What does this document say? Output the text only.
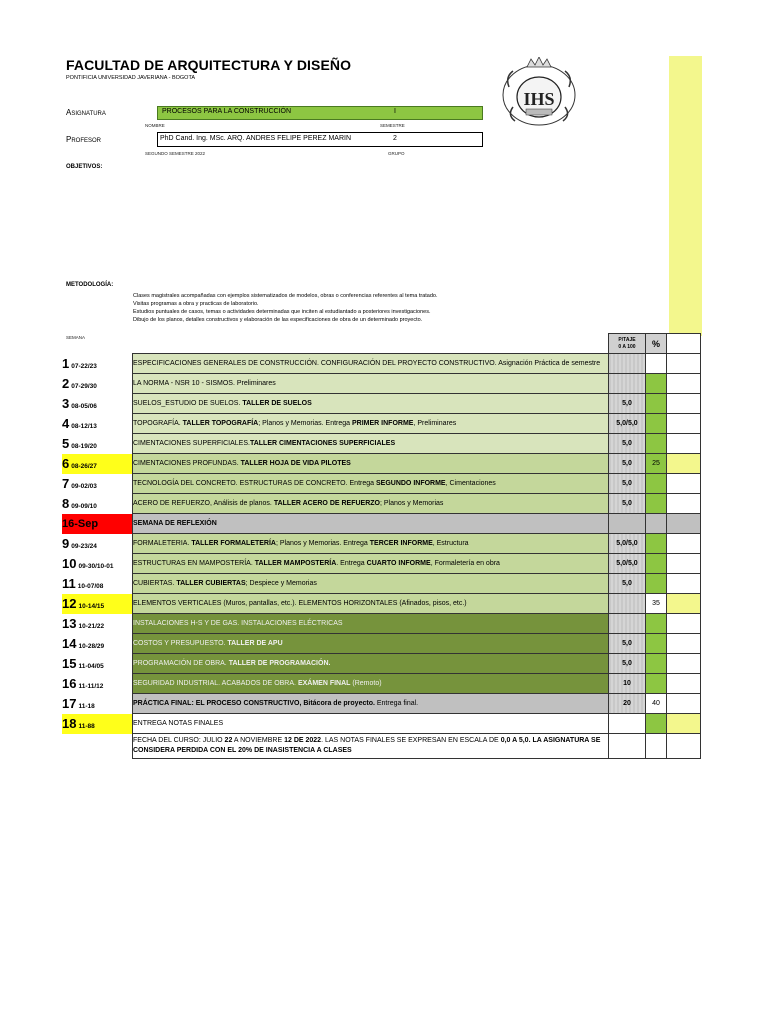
FACULTAD DE ARQUITECTURA Y DISEÑO
PONTIFICIA UNIVERSIDAD JAVERIANA - BOGOTA
IHS
Asignatura	PROCESOS PARA LA CONSTRUCCIÓN	I
NOMBRE	SEMESTRE
Profesor	PhD Cand. Ing. MSc. ARQ. ANDRES FELIPE PEREZ MARIN	2
SEGUNDO SEMESTRE 2022	GRUPO
OBJETIVOS:
METODOLOGÍA:
Clases magistrales acompañadas con ejemplos sistematizados de modelos, obras o conferencias referentes al tema tratado.
Visitas programas a obra y practicas de laboratorio.
Estudios puntuales de casos, temas o actividades determinadas que inciten al estudiantado a posteriores investigaciones.
Dibujo de los planos, detalles constructivos y elaboración de las especificaciones de obra de un determinado proyecto.
SEMANA

		P/TAJE
0 A 100	%	
1 07-22/23	ESPECIFICACIONES GENERALES DE CONSTRUCCIÓN. CONFIGURACIÓN DEL PROYECTO CONSTRUCTIVO. Asignación Práctica de semestre			
2 07-29/30	LA NORMA - NSR 10 - SISMOS. Preliminares			
3 08-05/06	SUELOS_ESTUDIO DE SUELOS. TALLER DE SUELOS	5,0		
4 08-12/13	TOPOGRAFÍA. TALLER TOPOGRAFÍA; Planos y Memorias. Entrega PRIMER INFORME, Preliminares	5,0/5,0		
5 08-19/20	CIMENTACIONES SUPERFICIALES.TALLER CIMENTACIONES SUPERFICIALES	5,0		
6 08-26/27	CIMENTACIONES PROFUNDAS. TALLER HOJA DE VIDA PILOTES	5,0	25	
7 09-02/03	TECNOLOGÍA DEL CONCRETO. ESTRUCTURAS DE CONCRETO. Entrega SEGUNDO INFORME, Cimentaciones	5,0		
8 09-09/10	ACERO DE REFUERZO, Análisis de planos. TALLER ACERO DE REFUERZO; Planos y Memorias	5,0		
16-Sep	SEMANA DE REFLEXIÓN			
9 09-23/24	FORMALETERIA. TALLER FORMALETERÍA; Planos y Memorias. Entrega TERCER INFORME, Estructura	5,0/5,0		
10 09-30/10-01	ESTRUCTURAS EN MAMPOSTERÍA. TALLER MAMPOSTERÍA. Entrega CUARTO INFORME, Formaletería en obra	5,0/5,0		
11 10-07/08	CUBIERTAS. TALLER CUBIERTAS; Despiece y Memorias	5,0		
12 10-14/15	ELEMENTOS VERTICALES (Muros, pantallas, etc.). ELEMENTOS HORIZONTALES (Afinados, pisos, etc.)		35	
13 10-21/22	INSTALACIONES H-S Y DE GAS. INSTALACIONES ELÉCTRICAS			
14 10-28/29	COSTOS Y PRESUPUESTO. TALLER DE APU	5,0		
15 11-04/05	PROGRAMACIÓN DE OBRA. TALLER DE PROGRAMACIÓN.	5,0		
16 11-11/12	SEGURIDAD INDUSTRIAL. ACABADOS DE OBRA. EXÁMEN FINAL (Remoto)	10		
17 11-18	PRÁCTICA FINAL: EL PROCESO CONSTRUCTIVO, Bitácora de proyecto. Entrega final.	20	40	
18 11-88	ENTREGA NOTAS FINALES			
	FECHA DEL CURSO: JULIO 22 A NOVIEMBRE 12 DE 2022. LAS NOTAS FINALES SE EXPRESAN EN ESCALA DE 0,0 A 5,0. LA ASIGNATURA SE CONSIDERA PERDIDA CON EL 20% DE INASISTENCIA A CLASES			
